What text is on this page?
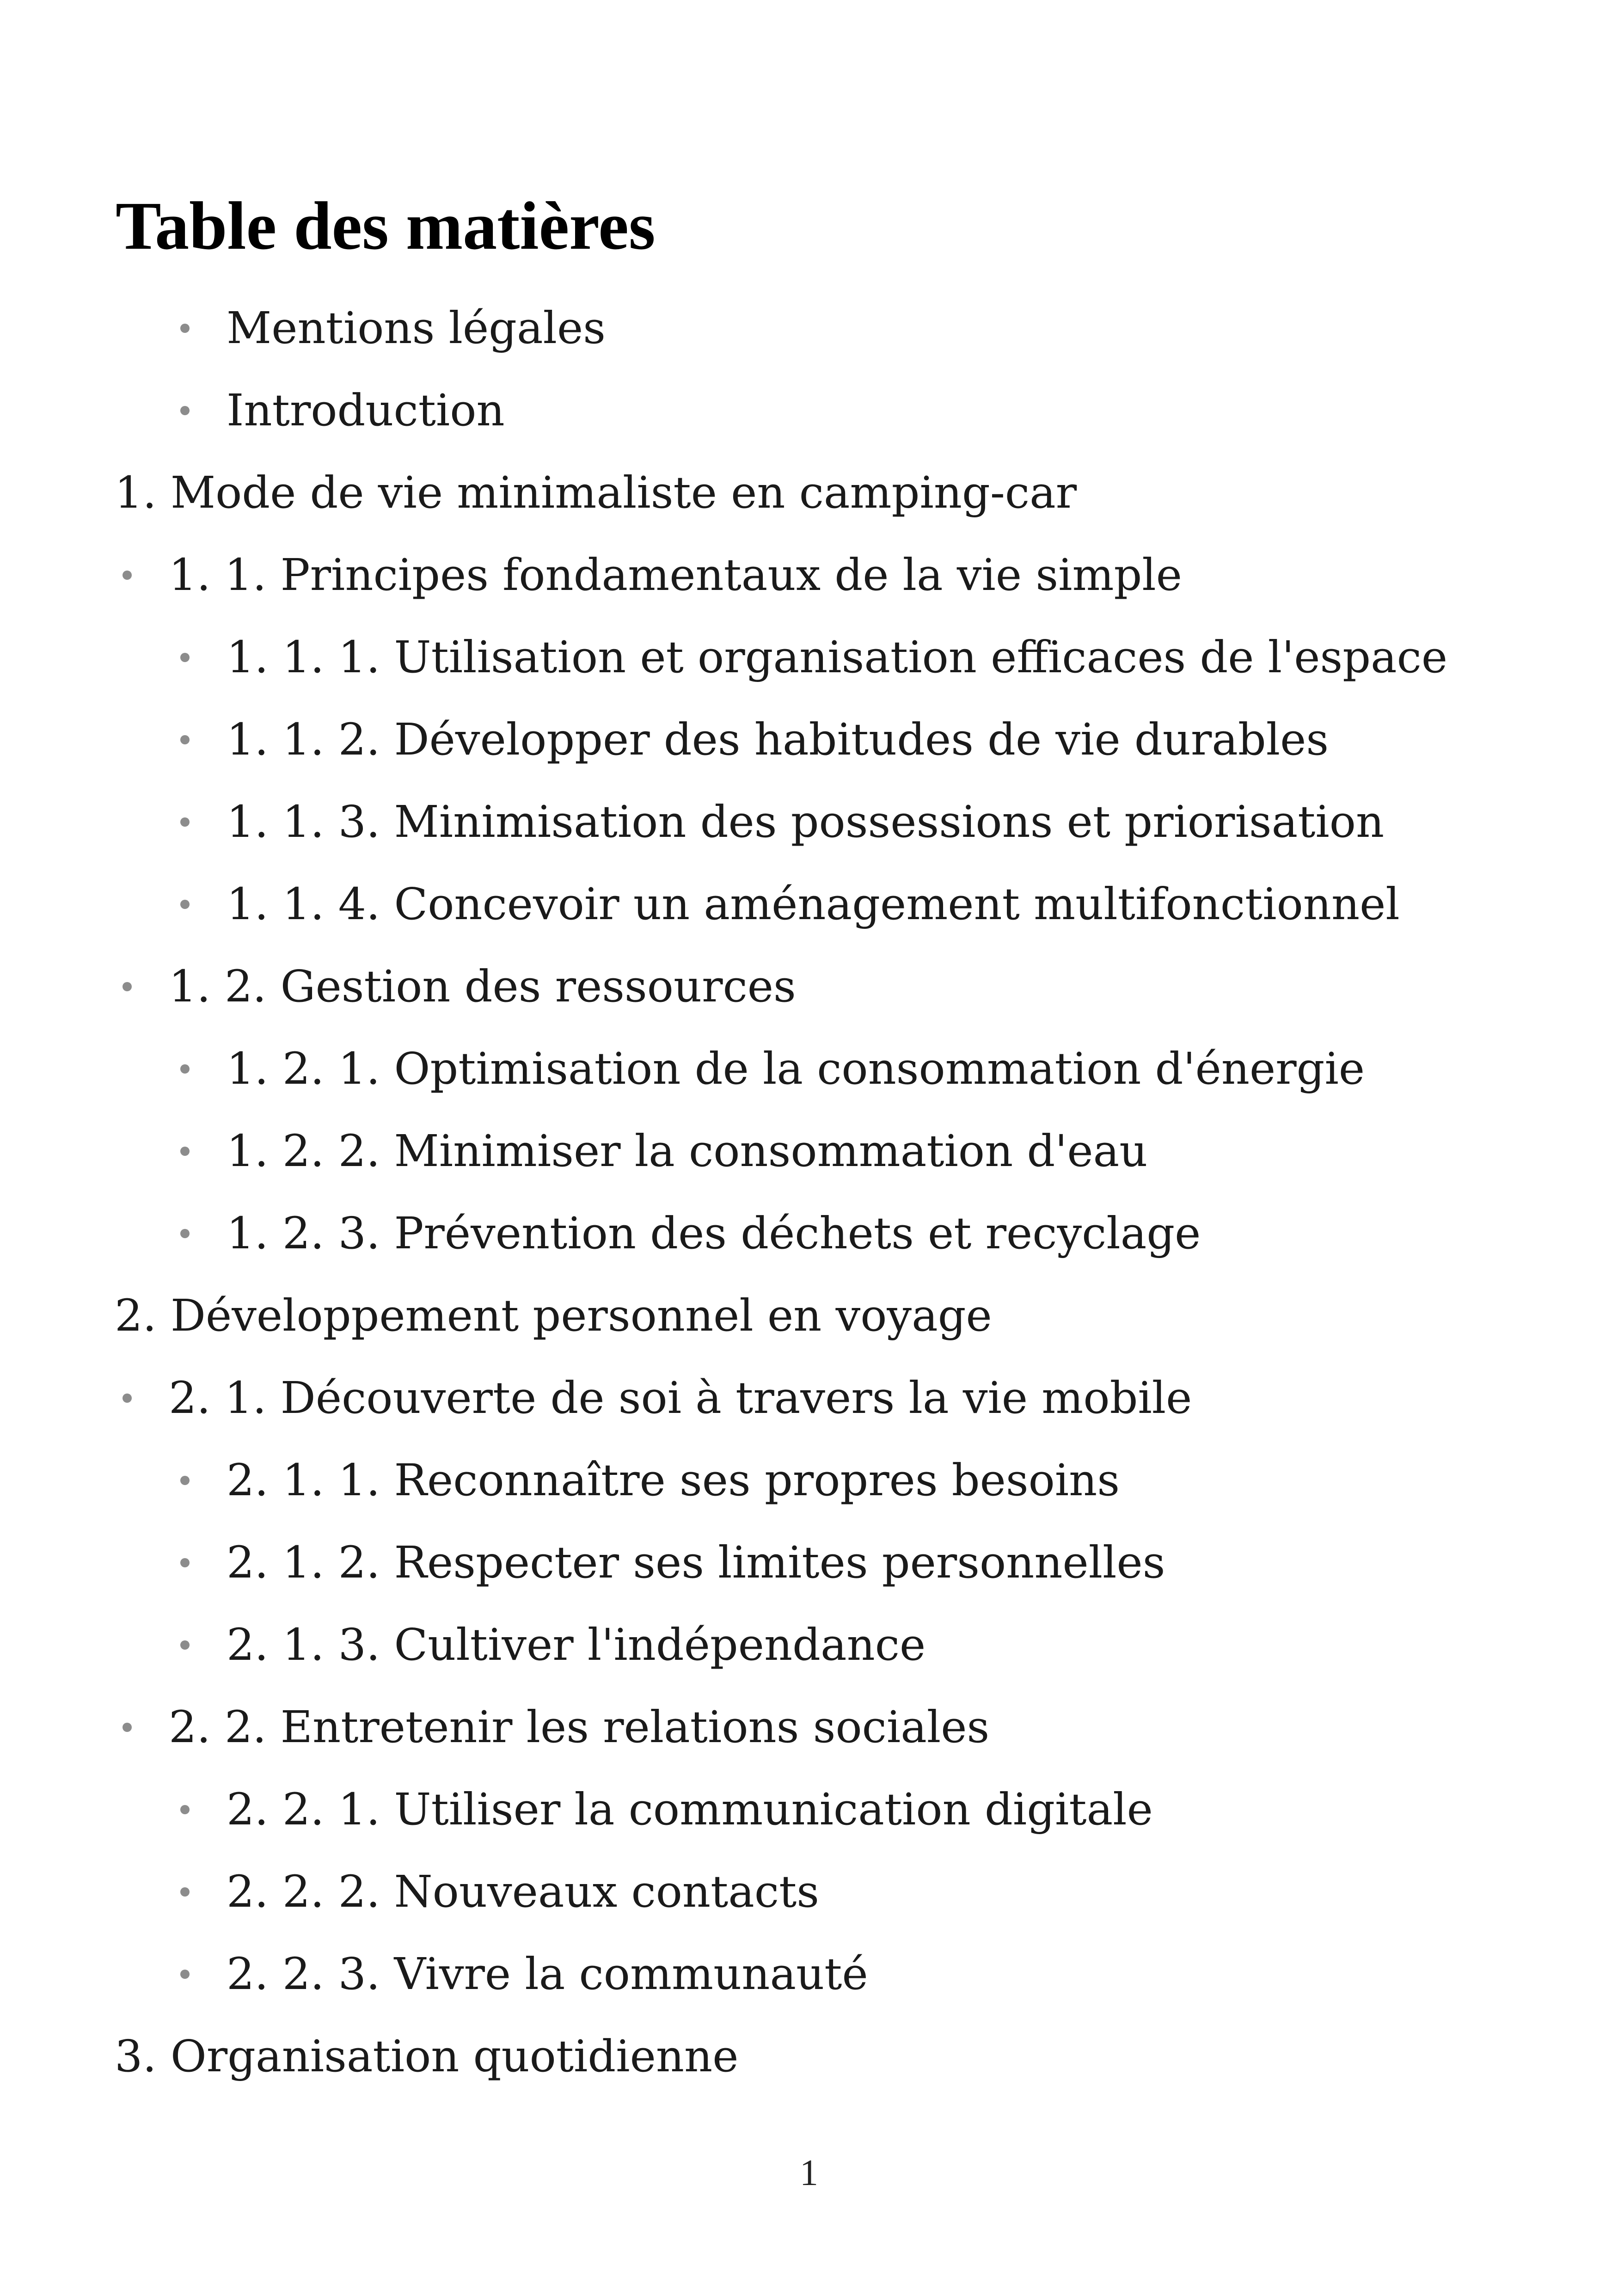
Table des matières
Mentions légales
Introduction
1. Mode de vie minimaliste en camping-car
1. 1. Principes fondamentaux de la vie simple
1. 1. 1. Utilisation et organisation efficaces de l'espace
1. 1. 2. Développer des habitudes de vie durables
1. 1. 3. Minimisation des possessions et priorisation
1. 1. 4. Concevoir un aménagement multifonctionnel
1. 2. Gestion des ressources
1. 2. 1. Optimisation de la consommation d'énergie
1. 2. 2. Minimiser la consommation d'eau
1. 2. 3. Prévention des déchets et recyclage
2. Développement personnel en voyage
2. 1. Découverte de soi à travers la vie mobile
2. 1. 1. Reconnaître ses propres besoins
2. 1. 2. Respecter ses limites personnelles
2. 1. 3. Cultiver l'indépendance
2. 2. Entretenir les relations sociales
2. 2. 1. Utiliser la communication digitale
2. 2. 2. Nouveaux contacts
2. 2. 3. Vivre la communauté
3. Organisation quotidienne
1
